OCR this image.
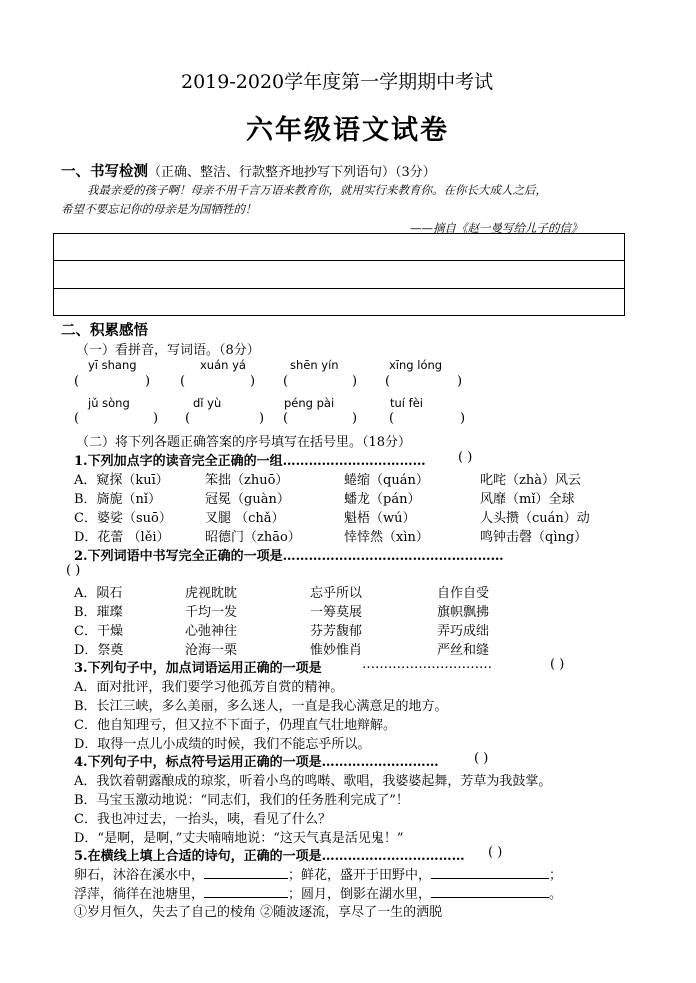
2019-2020学年度第一学期期中考试
六年级语文试卷
一、书写检测（正确、整洁、行款整齐地抄写下列语句）（3分）
我最亲爱的孩子啊！母亲不用千言万语来教育你，就用实行来教育你。在你长大成人之后，
希望不要忘记你的母亲是为国牺牲的！
——摘自《赵一曼写给儿子的信》
二、积累感悟
（一）看拼音，写词语。（8分）
yī shang	xuán yá	shēn yín	xīng lóng
(	) (	) (	) (	)
jǔ sòng	dǐ yù	péng pài	tuí fèi
(	) (	) (	) (	)
（二）将下列各题正确答案的序号填写在括号里。（18分）
1.下列加点字的读音完全正确的一组…………………………… ( )
A．窥探（kuī）	笨拙（zhuō）	蜷缩（quán）	叱咤（zhà）风云
B．旖旎（nǐ）	冠冕（guàn）	蟠龙（pán）	风靡（mǐ）全球
C．婆娑（suō）	叉腿 （chǎ）	魁梧（wú）	人头攒（cuán）动
D．花蕾 （lěi）	昭德门（zhāo）	悻悻然（xìn）	鸣钟击磬（qìng）
2.下列词语中书写完全正确的一项是……………………………………………
( )
A．陨石	虎视眈眈	忘乎所以	自作自受
B．璀璨	千均一发	一筹莫展	旗帜飘拂
C．干燥	心弛神往	芬芳馥郁	弄巧成绌
D．祭奠	沧海一栗	惟妙惟肖	严丝和缝
3.下列句子中，加点词语运用正确的一项是	…………………………	( )
A．面对批评，我们要学习他孤芳自赏的精神。
B．长江三峡，多么美丽，多么迷人，一直是我心满意足的地方。
C．他自知理亏，但又拉不下面子，仍理直气壮地辩解。
D．取得一点儿小成绩的时候，我们不能忘乎所以。
4.下列句子中，标点符号运用正确的一项是………………………	( )
A．我饮着朝露酿成的琼浆，听着小鸟的鸣啭、歌唱，我婆婆起舞，芳草为我鼓掌。
B．马宝玉激动地说：“同志们，我们的任务胜利完成了”！
C．我也冲过去，一抬头，咦，看见了什么？
D．“是啊，是啊，”丈夫喃喃地说：“这天气真是活见鬼！”
5.在横线上填上合适的诗句，正确的一项是…………………………… ( )
卵石，沐浴在溪水中，	；鲜花，盛开于田野中，	；
浮萍，徜徉在池塘里，	；圆月，倒影在湖水里，	。
①岁月恒久，失去了自己的棱角 ②随波逐流，享尽了一生的洒脱
